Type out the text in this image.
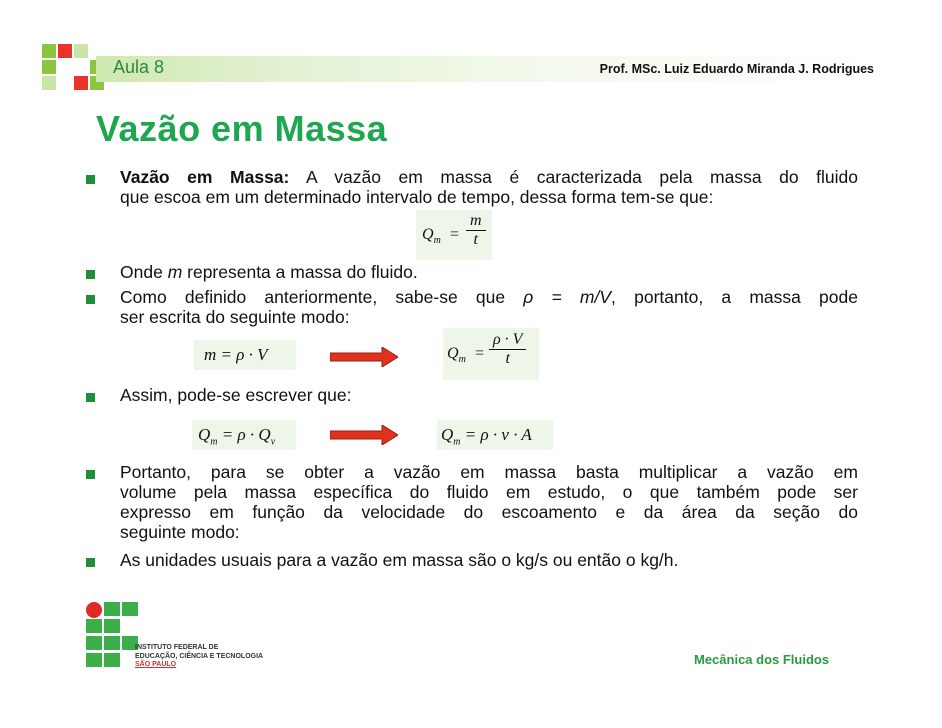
Aula 8	Prof. MSc. Luiz Eduardo Miranda J. Rodrigues
Vazão em Massa
Vazão em Massa: A vazão em massa é caracterizada pela massa do fluido
que escoa em um determinado intervalo de tempo, dessa forma tem-se que:
$Q_m = \frac{m}{t}$
Onde m representa a massa do fluido.
Como definido anteriormente, sabe-se que ρ = m/V, portanto, a massa pode
ser escrita do seguinte modo:
m = ρ · V	$Q_m = \frac{\rho \cdot V}{t}$
Assim, pode-se escrever que:
$Q_m = \rho \cdot Q_v$	$Q_m = \rho \cdot v \cdot A$
Portanto, para se obter a vazão em massa basta multiplicar a vazão em
volume pela massa específica do fluido em estudo, o que também pode ser
expresso em função da velocidade do escoamento e da área da seção do
seguinte modo:
As unidades usuais para a vazão em massa são o kg/s ou então o kg/h.
INSTITUTO FEDERAL DE
EDUCAÇÃO, CIÊNCIA E TECNOLOGIA
SÃO PAULO	Mecânica dos Fluidos
